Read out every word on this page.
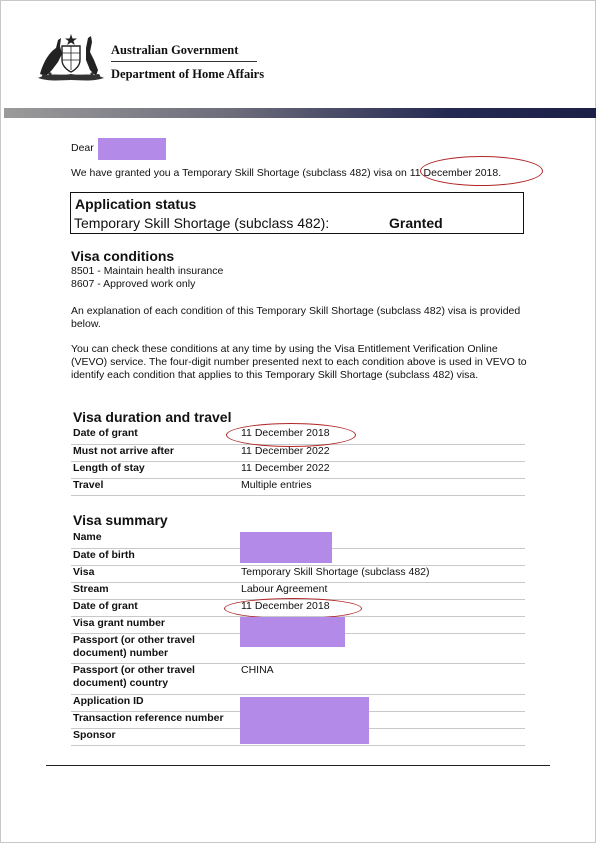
Australian Government
Department of Home Affairs
Dear
We have granted you a Temporary Skill Shortage (subclass 482) visa on 11 December 2018.
Application status
Temporary Skill Shortage (subclass 482):	Granted
Visa conditions
8501 - Maintain health insurance
8607 - Approved work only
An explanation of each condition of this Temporary Skill Shortage (subclass 482) visa is provided below.
You can check these conditions at any time by using the Visa Entitlement Verification Online (VEVO) service. The four-digit number presented next to each condition above is used in VEVO to identify each condition that applies to this Temporary Skill Shortage (subclass 482) visa.
Visa duration and travel
Date of grant	11 December 2018
Must not arrive after	11 December 2022
Length of stay	11 December 2022
Travel	Multiple entries
Visa summary
Name	
Date of birth	
Visa	Temporary Skill Shortage (subclass 482)
Stream	Labour Agreement
Date of grant	11 December 2018
Visa grant number	
Passport (or other travel document) number	
Passport (or other travel document) country	CHINA
Application ID	
Transaction reference number	
Sponsor	
